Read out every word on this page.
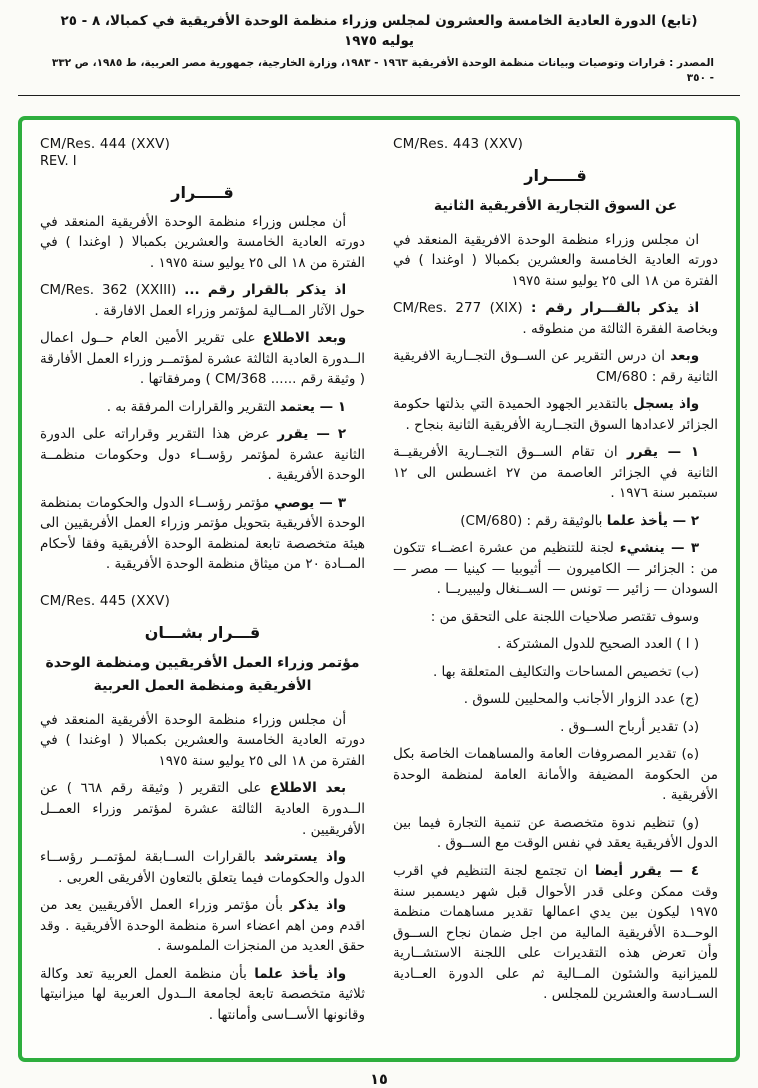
(تابع) الدورة العادية الخامسة والعشرون لمجلس وزراء منظمة الوحدة الأفريقية في كمبالا، ٨ - ٢٥ يوليه ١٩٧٥
المصدر : قرارات وتوصيات وبيانات منظمة الوحدة الأفريقية ١٩٦٣ - ١٩٨٣، وزارة الخارجية، جمهورية مصر العربية، ط ١٩٨٥، ص ٣٣٢ - ٣٥٠
CM/Res. 443 (XXV)
قـــــرار
عن السوق التجارية الأفريقية الثانية

ان مجلس وزراء منظمة الوحدة الافريقية المنعقد في دورته العادية الخامسة والعشرين بكمبالا ( اوغندا ) في الفترة من ١٨ الى ٢٥ يوليو سنة ١٩٧٥

اذ يذكر بالقـــرار رقم : CM/Res. 277 (XIX) وبخاصة الفقرة الثالثة من منطوقه .

وبعد ان درس التقرير عن الســوق التجــارية الافريقية الثانية رقم : CM/680

واذ يسجل بالتقدير الجهود الحميدة التي بذلتها حكومة الجزائر لاعدادها السوق التجــارية الأفريقية الثانية بنجاح .

١ — يقرر ان تقام الســوق التجــارية الأفريقيــة الثانية في الجزائر العاصمة من ٢٧ اغسطس الى ١٢ سبتمبر سنة ١٩٧٦ .

٢ — يأخذ علما بالوثيقة رقم : (CM/680)

٣ — ينشيء لجنة للتنظيم من عشرة اعضــاء تتكون من : الجزائر — الكاميرون — أثيوبيا — كينيا — مصر — السودان — زائير — تونس — الســنغال وليبيريــا .

وسوف تقتصر صلاحيات اللجنة على التحقق من :

( ا ) العدد الصحيح للدول المشتركة .

(ب) تخصيص المساحات والتكاليف المتعلقة بها .

(ج) عدد الزوار الأجانب والمحليين للسوق .

(د) تقدير أرباح الســوق .

(ه) تقدير المصروفات العامة والمساهمات الخاصة بكل من الحكومة المضيفة والأمانة العامة لمنظمة الوحدة الأفريقية .

(و) تنظيم ندوة متخصصة عن تنمية التجارة فيما بين الدول الأفريقية يعقد في نفس الوقت مع الســوق .

٤ — يقرر أيضا ان تجتمع لجنة التنظيم في اقرب وقت ممكن وعلى قدر الأحوال قبل شهر ديسمبر سنة ١٩٧٥ ليكون بين يدي اعمالها تقدير مساهمات منظمة الوحــدة الأفريقية المالية من اجل ضمان نجاح الســوق وأن تعرض هذه التقديرات على اللجنة الاستشــارية للميزانية والشئون المــالية ثم على الدورة العــادية الســادسة والعشرين للمجلس .

CM/Res. 444 (XXV)
REV. I
قـــــرار

أن مجلس وزراء منظمة الوحدة الأفريقية المنعقد في دورته العادية الخامسة والعشرين بكمبالا ( اوغندا ) في الفترة من ١٨ الى ٢٥ يوليو سنة ١٩٧٥ .

اذ يذكر بالقرار رقم ... CM/Res. 362 (XXIII) حول الآثار المــالية لمؤتمر وزراء العمل الافارقة .

وبعد الاطلاع على تقرير الأمين العام حــول اعمال الــدورة العادية الثالثة عشرة لمؤتمــر وزراء العمل الأفارقة ( وثيقة رقم ...... CM/368 ) ومرفقاتها .

١ — يعتمد التقرير والقرارات المرفقة به .

٢ — يقرر عرض هذا التقرير وقراراته على الدورة الثانية عشرة لمؤتمر رؤســاء دول وحكومات منظمــة الوحدة الأفريقية .

٣ — يوصي مؤتمر رؤســاء الدول والحكومات بمنظمة الوحدة الأفريقية بتحويل مؤتمر وزراء العمل الأفريقيين الى هيئة متخصصة تابعة لمنظمة الوحدة الأفريقية وفقا لأحكام المــادة ٢٠ من ميثاق منظمة الوحدة الأفريقية .

CM/Res. 445 (XXV)
قـــرار بشـــان
مؤتمر وزراء العمل الأفريقيين ومنظمة الوحدة الأفريقية ومنظمة العمل العربية

أن مجلس وزراء منظمة الوحدة الأفريقية المنعقد في دورته العادية الخامسة والعشرين بكمبالا ( اوغندا ) في الفترة من ١٨ الى ٢٥ يوليو سنة ١٩٧٥

بعد الاطلاع على التقرير ( وثيقة رقم ٦٦٨ ) عن الــدورة العادية الثالثة عشرة لمؤتمر وزراء العمــل الأفريقيين .

واذ يسترشد بالقرارات الســابقة لمؤتمــر رؤســاء الدول والحكومات فيما يتعلق بالتعاون الأفريقى العربى .

واذ يذكر بأن مؤتمر وزراء العمل الأفريقيين يعد من اقدم ومن اهم اعضاء اسرة منظمة الوحدة الأفريقية . وقد حقق العديد من المنجزات الملموسة .

واذ يأخذ علما بأن منظمة العمل العربية تعد وكالة ثلاثية متخصصة تابعة لجامعة الــدول العربية لها ميزانيتها وقانونها الأســاسى وأمانتها .

١٥
